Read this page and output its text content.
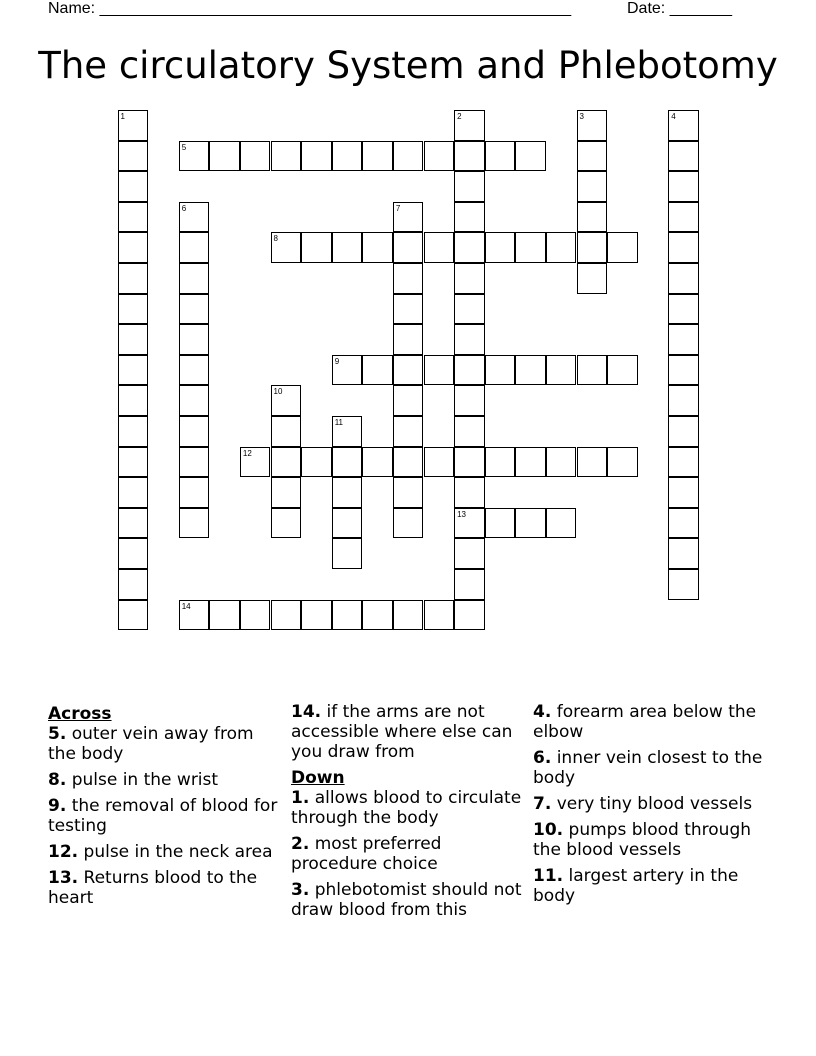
Name: _____________________________________________________	Date: _______
The circulatory System and Phlebotomy
1	2
13
3	4
5
6	7
8
9
10
11
12
14
Across
5. outer vein away from the body
8. pulse in the wrist
9. the removal of blood for testing
12. pulse in the neck area
13. Returns blood to the heart
14. if the arms are not accessible where else can you draw from
Down
1. allows blood to circulate through the body
2. most preferred procedure choice
3. phlebotomist should not draw blood from this
4. forearm area below the elbow
6. inner vein closest to the body
7. very tiny blood vessels
10. pumps blood through the blood vessels
11. largest artery in the body
